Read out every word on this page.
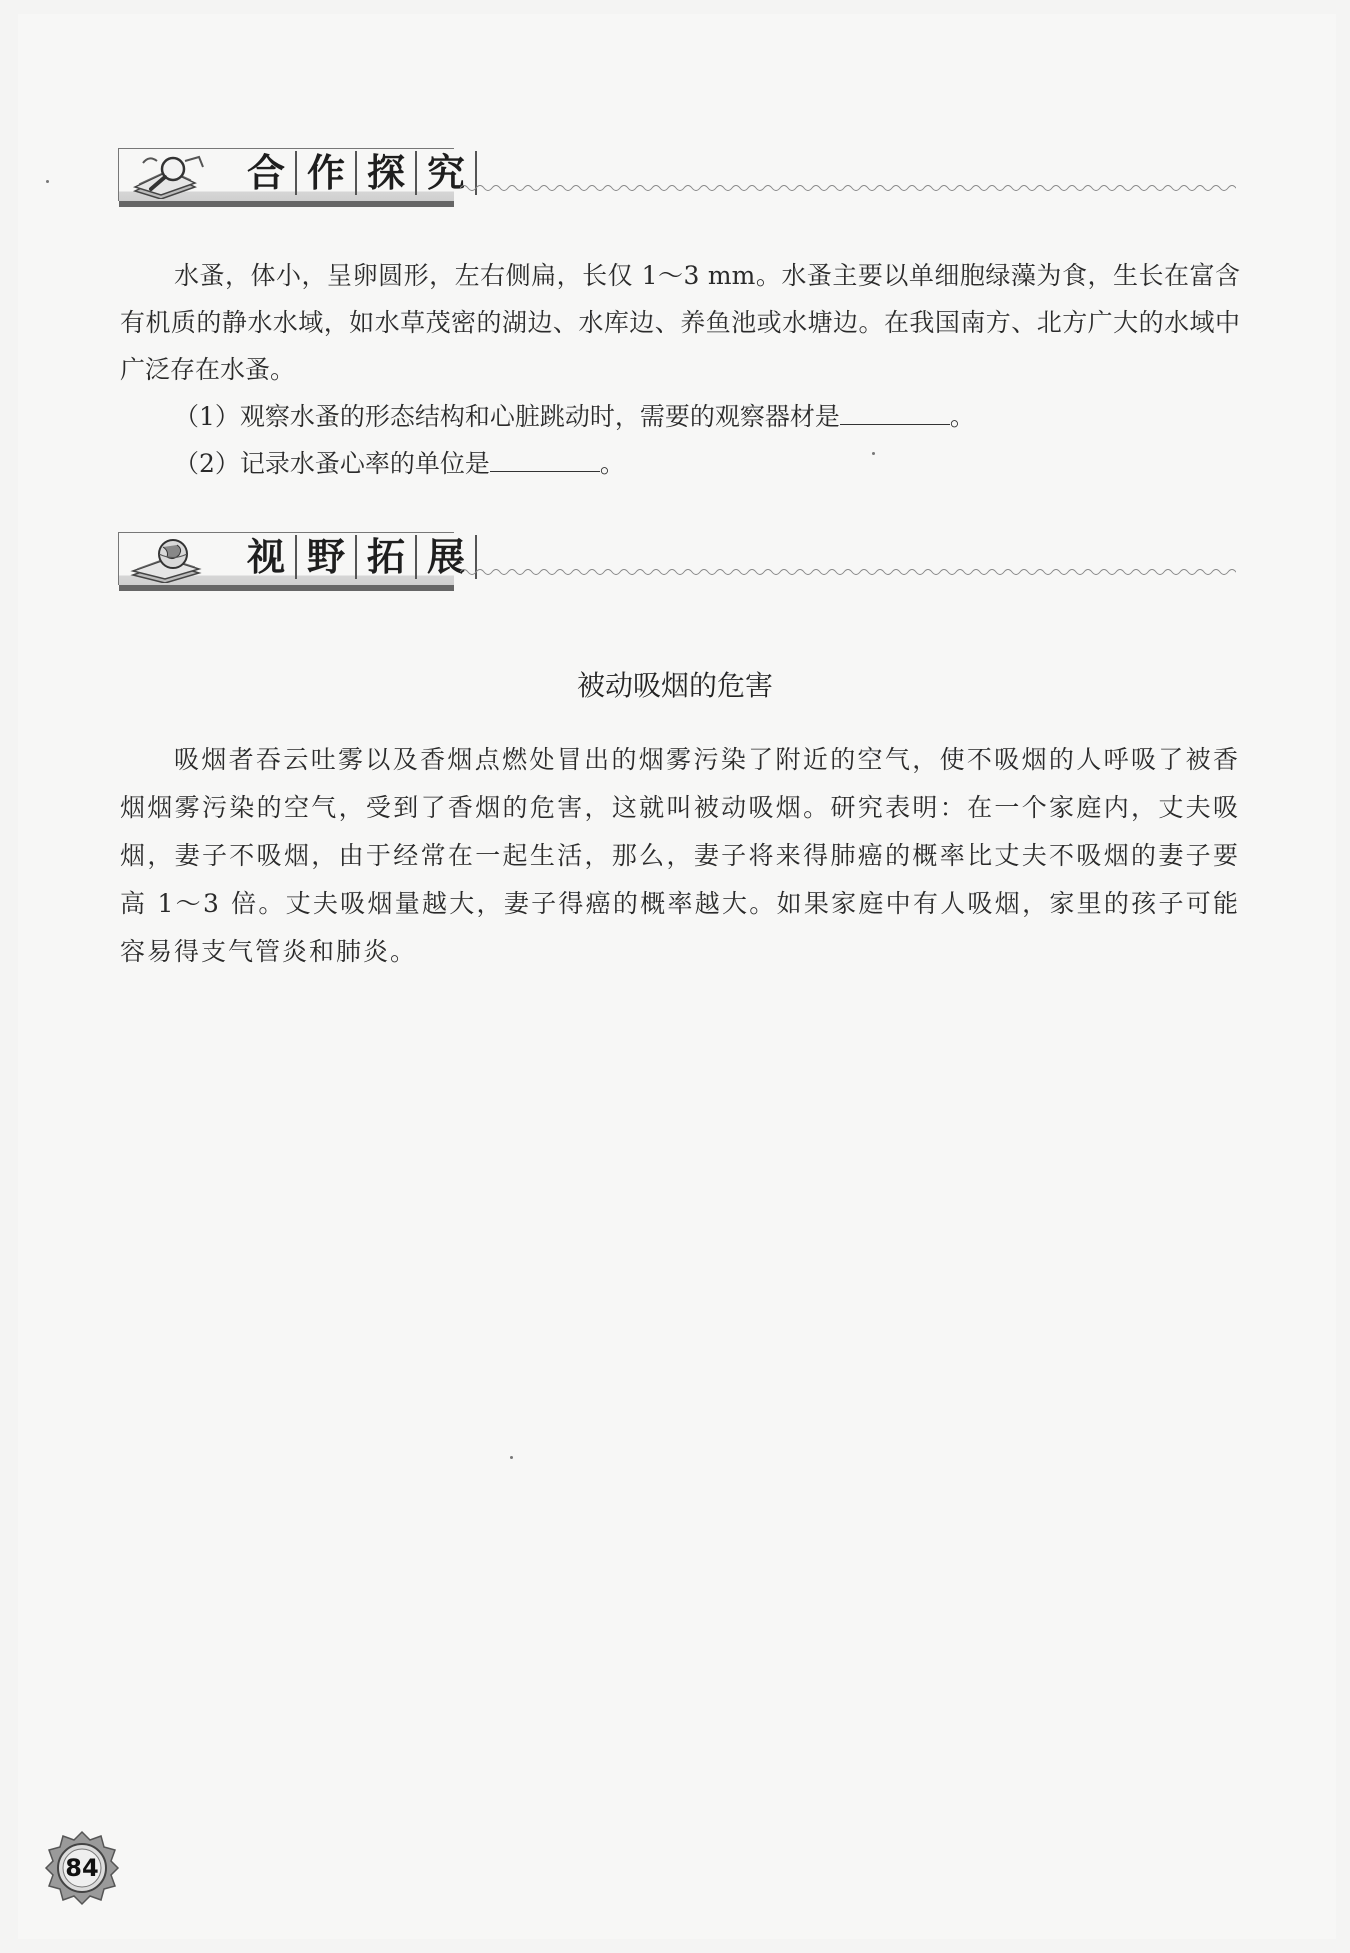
合 作 探 究

水蚤，体小，呈卵圆形，左右侧扁，长仅 1～3 mm。水蚤主要以单细胞绿藻为食，生长在富含有机质的静水水域，如水草茂密的湖边、水库边、养鱼池或水塘边。在我国南方、北方广大的水域中广泛存在水蚤。

（1）观察水蚤的形态结构和心脏跳动时，需要的观察器材是	。

（2）记录水蚤心率的单位是	。

视 野 拓 展
被动吸烟的危害

吸烟者吞云吐雾以及香烟点燃处冒出的烟雾污染了附近的空气，使不吸烟的人呼吸了被香烟烟雾污染的空气，受到了香烟的危害，这就叫被动吸烟。研究表明：在一个家庭内，丈夫吸烟，妻子不吸烟，由于经常在一起生活，那么，妻子将来得肺癌的概率比丈夫不吸烟的妻子要高 1～3 倍。丈夫吸烟量越大，妻子得癌的概率越大。如果家庭中有人吸烟，家里的孩子可能容易得支气管炎和肺炎。

84
